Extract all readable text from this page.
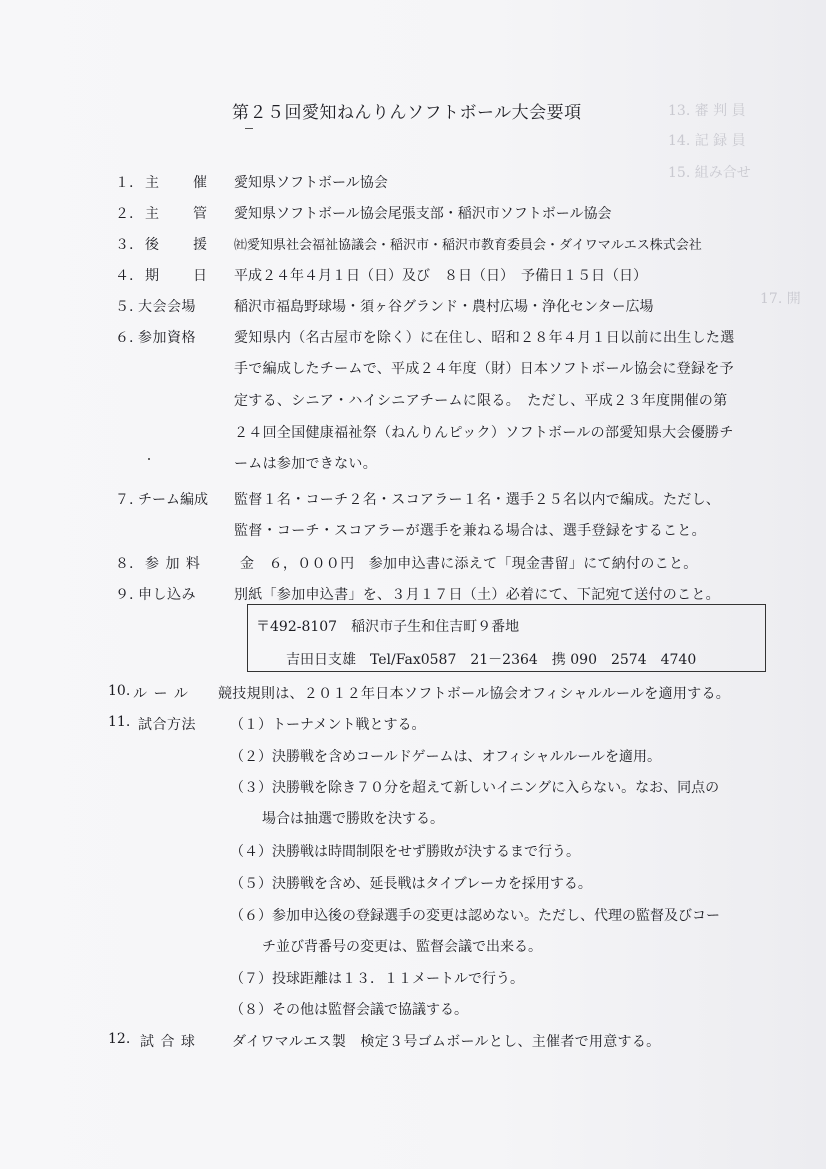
13. 審 判 員
14. 記 録 員
15. 組み合せ
17. 開
第２５回愛知ねんりんソフトボール大会要項
１. 主　　催 愛知県ソフトボール協会
２. 主　　管 愛知県ソフトボール協会尾張支部・稲沢市ソフトボール協会
３. 後　　援 ㈳愛知県社会福祉協議会・稲沢市・稲沢市教育委員会・ダイワマルエス株式会社
４. 期　　日 平成２４年４月１日（日）及び　８日（日）　予備日１５日（日）
５. 大会会場	稲沢市福島野球場・須ヶ谷グランド・農村広場・浄化センター広場
６. 参加資格	愛知県内（名古屋市を除く）に在住し、昭和２８年４月１日以前に出生した選
手で編成したチームで、平成２４年度（財）日本ソフトボール協会に登録を予
定する、シニア・ハイシニアチームに限る。　ただし、平成２３年度開催の第
２４回全国健康福祉祭（ねんりんピック）ソフトボールの部愛知県大会優勝チ
ームは参加できない。
７. チーム編成 監督１名・コーチ２名・スコアラー１名・選手２５名以内で編成。ただし、
監督・コーチ・スコアラーが選手を兼ねる場合は、選手登録をすること。
８. 参 加 料	金　６，０００円　参加申込書に添えて「現金書留」にて納付のこと。
９. 申し込み	別紙「参加申込書」を、３月１７日（土）必着にて、下記宛て送付のこと。
〒492-8107　稲沢市子生和住吉町９番地
吉田日支雄　Tel/Fax0587　21－2364　携 090　2574　4740
10. ル ー ル 競技規則は、２０１２年日本ソフトボール協会オフィシャルルールを適用する。
11. 試合方法 （１） トーナメント戦とする。
（２） 決勝戦を含めコールドゲームは、オフィシャルルールを適用。
（３） 決勝戦を除き７０分を超えて新しいイニングに入らない。なお、同点の
場合は抽選で勝敗を決する。
（４） 決勝戦は時間制限をせず勝敗が決するまで行う。
（５） 決勝戦を含め、延長戦はタイブレーカを採用する。
（６） 参加申込後の登録選手の変更は認めない。ただし、代理の監督及びコー
チ並び背番号の変更は、監督会議で出来る。
（７） 投球距離は１３．１１メートルで行う。
（８） その他は監督会議で協議する。
12. 試 合 球	ダイワマルエス製　検定３号ゴムボールとし、主催者で用意する。
